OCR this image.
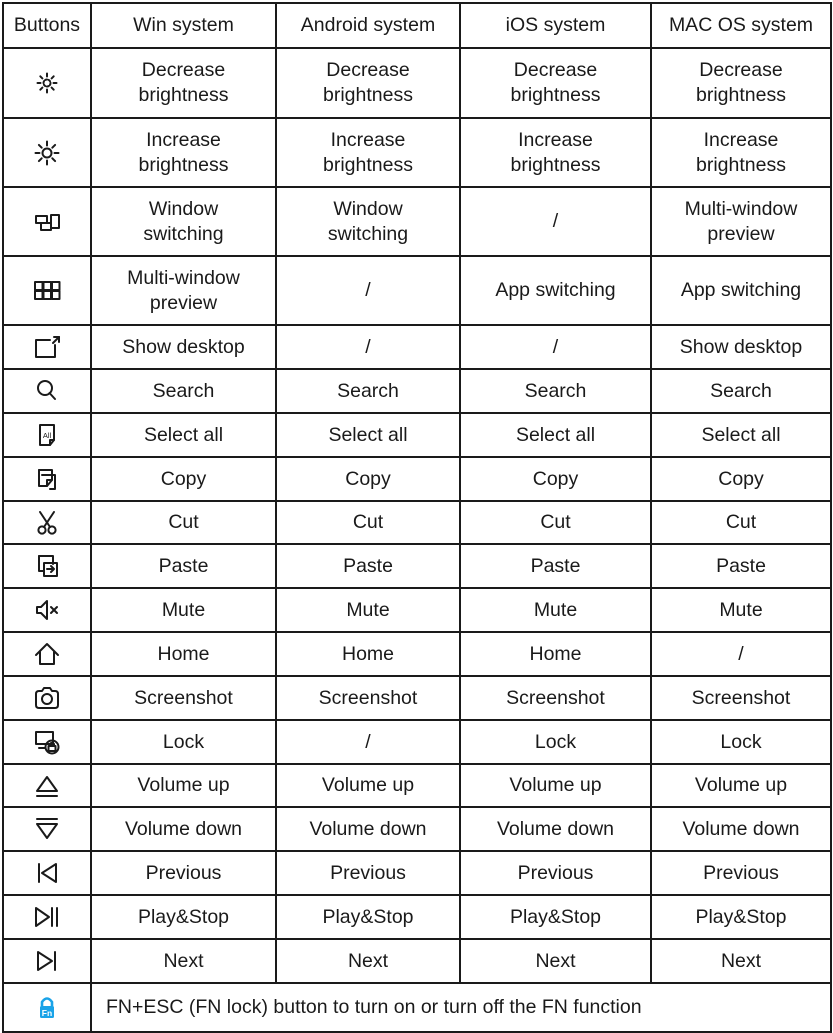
Buttons	Win system	Android system	iOS system	MAC OS system

	Decrease
brightness	Decrease
brightness	Decrease
brightness	Decrease
brightness

	Increase
brightness	Increase
brightness	Increase
brightness	Increase
brightness

	Window
switching	Window
switching	/	Multi-window
preview

	Multi-window
preview	/	App switching	App switching

	Show desktop	/	/	Show desktop

	Search	Search	Search	Search

All	Select all	Select all	Select all	Select all

	Copy	Copy	Copy	Copy

	Cut	Cut	Cut	Cut

	Paste	Paste	Paste	Paste

	Mute	Mute	Mute	Mute

	Home	Home	Home	/

	Screenshot	Screenshot	Screenshot	Screenshot

	Lock	/	Lock	Lock

	Volume up	Volume up	Volume up	Volume up

	Volume down	Volume down	Volume down	Volume down

	Previous	Previous	Previous	Previous

	Play&Stop	Play&Stop	Play&Stop	Play&Stop

	Next	Next	Next	Next

Fn	FN+ESC (FN lock) button to turn on or turn off the FN function			
